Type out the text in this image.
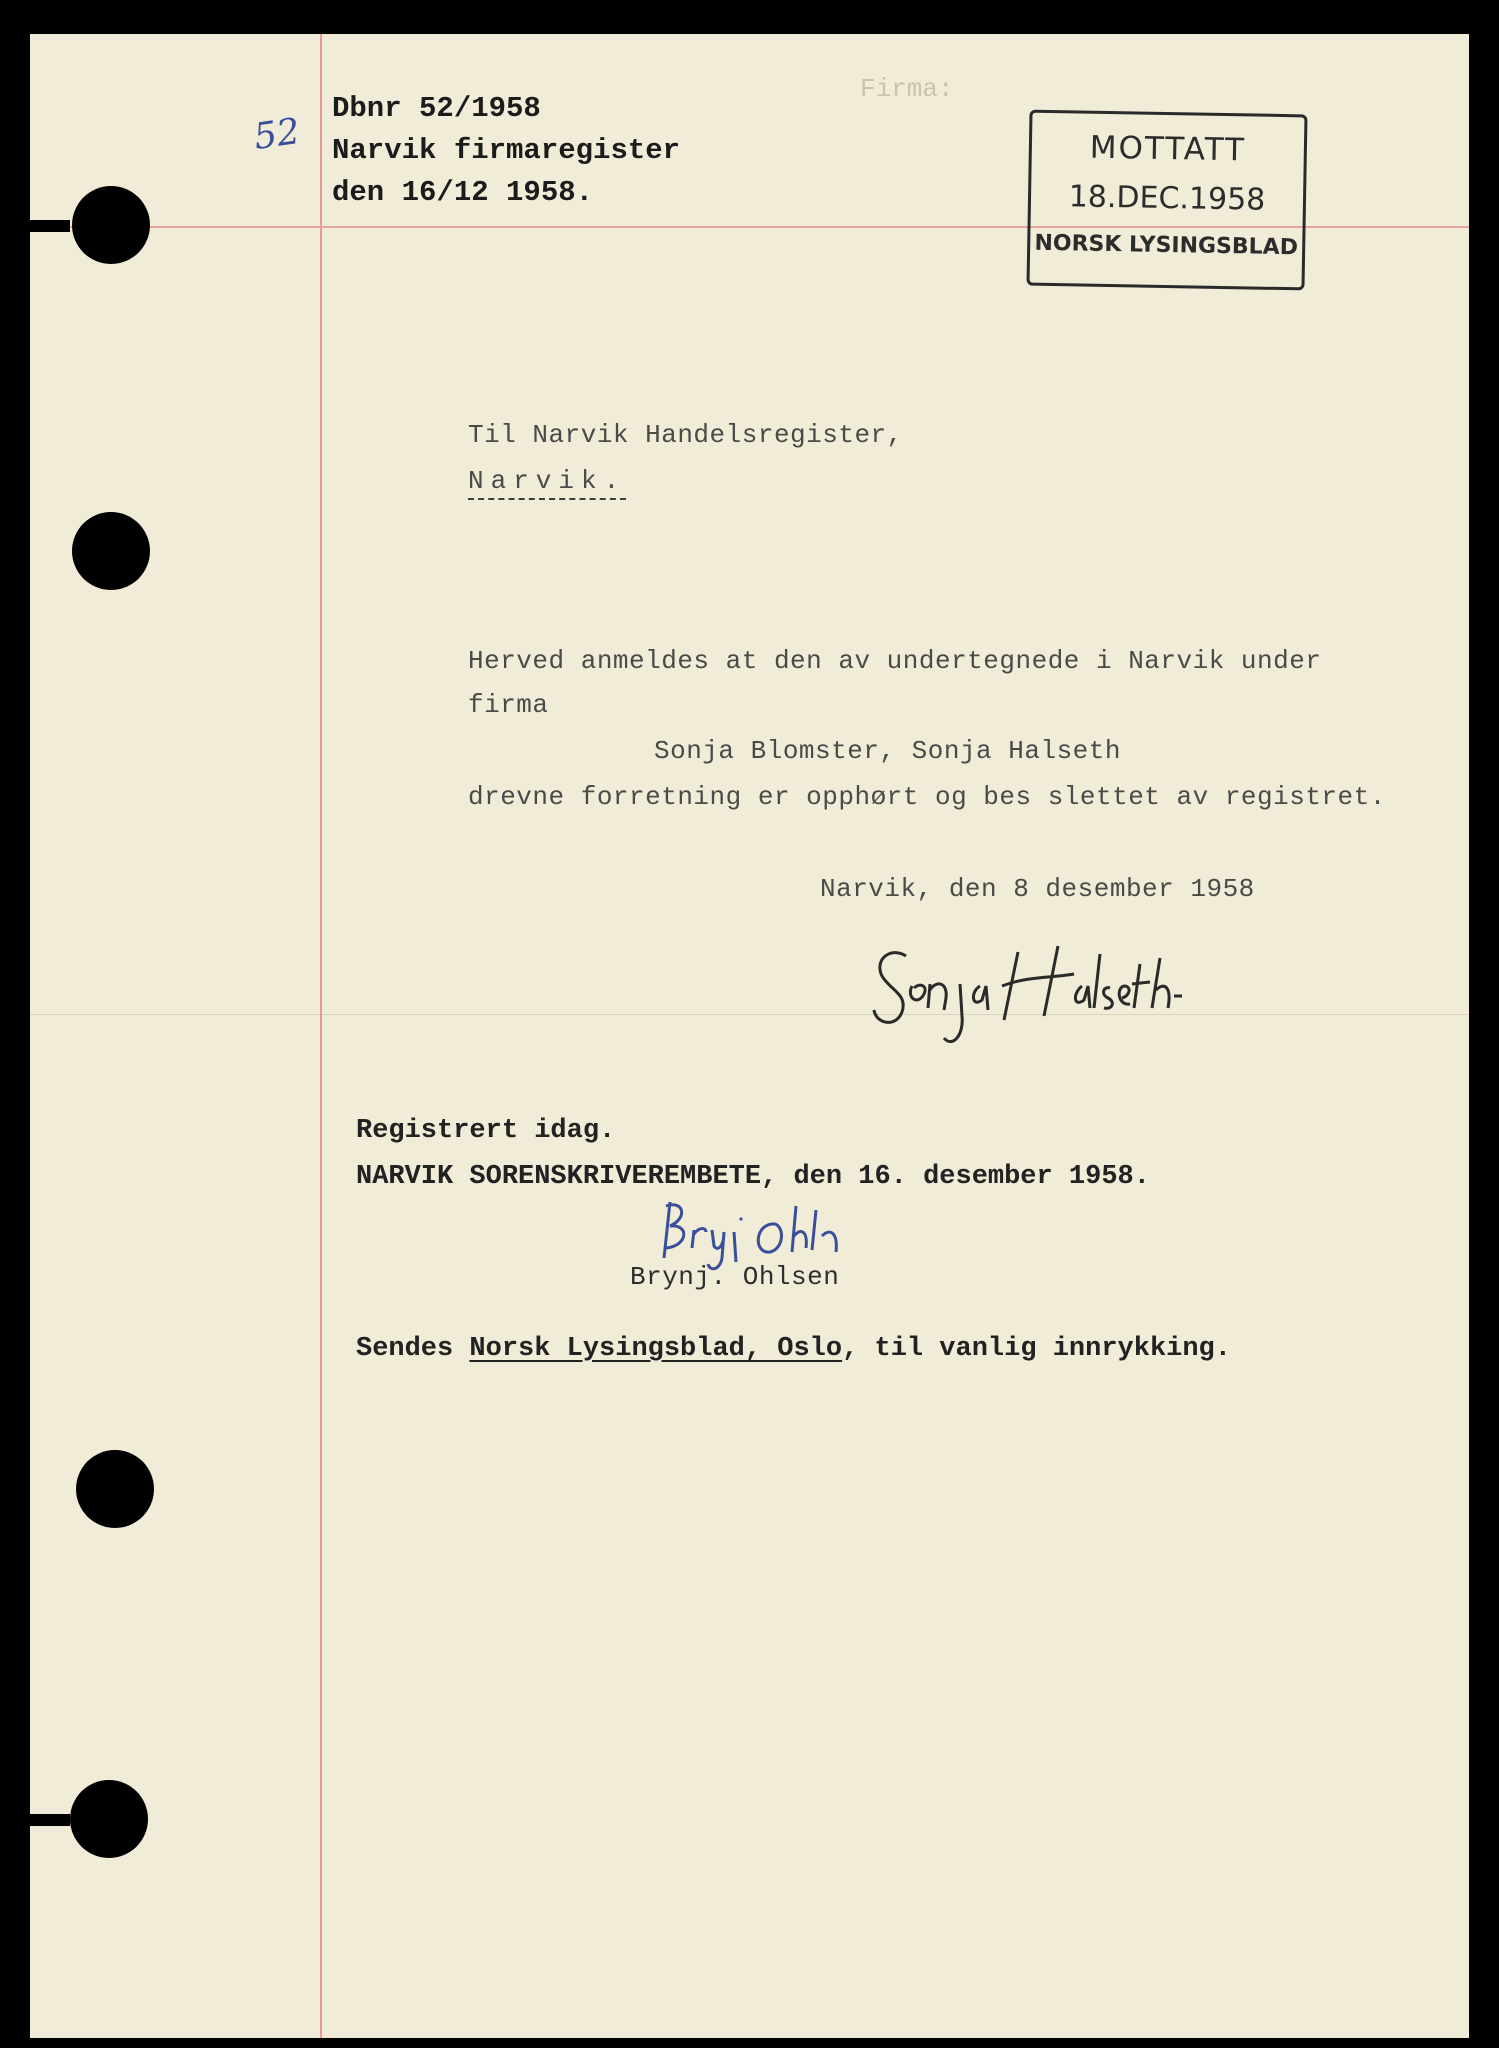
52
Dbnr 52/1958
Narvik firmaregister
den 16/12 1958.
Firma:
MOTTATT
18.DEC.1958
NORSK LYSINGSBLAD
Til Narvik Handelsregister,
Narvik.
Herved anmeldes at den av undertegnede i Narvik under
firma
Sonja Blomster, Sonja Halseth
drevne forretning er opphørt og bes slettet av registret.
Narvik, den 8 desember 1958
Registrert idag.
NARVIK SORENSKRIVEREMBETE, den 16. desember 1958.
Brynj. Ohlsen
Sendes Norsk Lysingsblad, Oslo, til vanlig innrykking.
